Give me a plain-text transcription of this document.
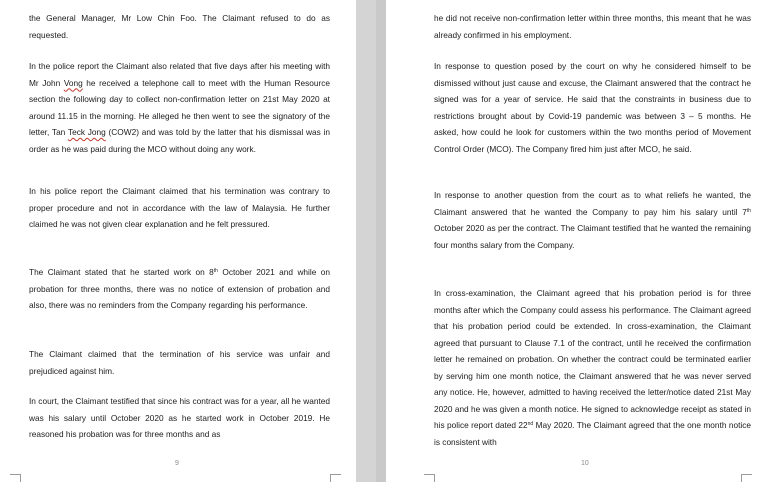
the General Manager, Mr Low Chin Foo. The Claimant refused to do as requested.

In the police report the Claimant also related that five days after his meeting with Mr John Vong he received a telephone call to meet with the Human Resource section the following day to collect non-confirmation letter on 21st May 2020 at around 11.15 in the morning. He alleged he then went to see the signatory of the letter, Tan Teck Jong (COW2) and was told by the latter that his dismissal was in order as he was paid during the MCO without doing any work.

In his police report the Claimant claimed that his termination was contrary to proper procedure and not in accordance with the law of Malaysia. He further claimed he was not given clear explanation and he felt pressured.

The Claimant stated that he started work on 8th October 2021 and while on probation for three months, there was no notice of extension of probation and also, there was no reminders from the Company regarding his performance.

The Claimant claimed that the termination of his service was unfair and prejudiced against him.

In court, the Claimant testified that since his contract was for a year, all he wanted was his salary until October 2020 as he started work in October 2019. He reasoned his probation was for three months and as

9

he did not receive non-confirmation letter within three months, this meant that he was already confirmed in his employment.

In response to question posed by the court on why he considered himself to be dismissed without just cause and excuse, the Claimant answered that the contract he signed was for a year of service. He said that the constraints in business due to restrictions brought about by Covid-19 pandemic was between 3 – 5 months. He asked, how could he look for customers within the two months period of Movement Control Order (MCO). The Company fired him just after MCO, he said.

In response to another question from the court as to what reliefs he wanted, the Claimant answered that he wanted the Company to pay him his salary until 7th October 2020 as per the contract. The Claimant testified that he wanted the remaining four months salary from the Company.

In cross-examination, the Claimant agreed that his probation period is for three months after which the Company could assess his performance. The Claimant agreed that his probation period could be extended. In cross-examination, the Claimant agreed that pursuant to Clause 7.1 of the contract, until he received the confirmation letter he remained on probation. On whether the contract could be terminated earlier by serving him one month notice, the Claimant answered that he was never served any notice. He, however, admitted to having received the letter/notice dated 21st May 2020 and he was given a month notice. He signed to acknowledge receipt as stated in his police report dated 22nd May 2020. The Claimant agreed that the one month notice is consistent with

10
